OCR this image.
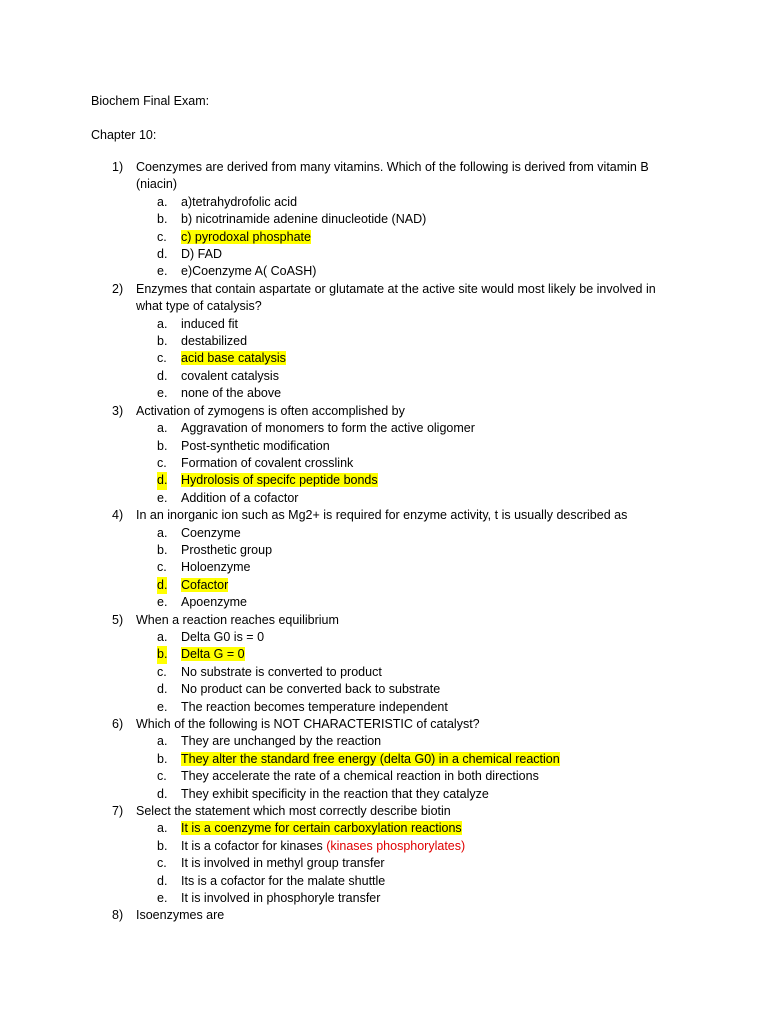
Biochem Final Exam:
Chapter 10:
1) Coenzymes are derived from many vitamins. Which of the following is derived from vitamin B (niacin)
a. a)tetrahydrofolic acid
b. b) nicotrinamide adenine dinucleotide (NAD)
c. c) pyrodoxal phosphate
d. D) FAD
e. e)Coenzyme A( CoASH)
2) Enzymes that contain aspartate or glutamate at the active site would most likely be involved in what type of catalysis?
a. induced fit
b. destabilized
c. acid base catalysis
d. covalent catalysis
e. none of the above
3) Activation of zymogens is often accomplished by
a. Aggravation of monomers to form the active oligomer
b. Post-synthetic modification
c. Formation of covalent crosslink
d. Hydrolosis of specifc peptide bonds
e. Addition of a cofactor
4) In an inorganic ion such as Mg2+ is required for enzyme activity, t is usually described as
a. Coenzyme
b. Prosthetic group
c. Holoenzyme
d. Cofactor
e. Apoenzyme
5) When a reaction reaches equilibrium
a. Delta G0 is = 0
b. Delta G = 0
c. No substrate is converted to product
d. No product can be converted back to substrate
e. The reaction becomes temperature independent
6) Which of the following is NOT CHARACTERISTIC of catalyst?
a. They are unchanged by the reaction
b. They alter the standard free energy (delta G0) in a chemical reaction
c. They accelerate the rate of a chemical reaction in both directions
d. They exhibit specificity in the reaction that they catalyze
7) Select the statement which most correctly describe biotin
a. It is a coenzyme for certain carboxylation reactions
b. It is a cofactor for kinases (kinases phosphorylates)
c. It is involved in methyl group transfer
d. Its is a cofactor for the malate shuttle
e. It is involved in phosphoryle transfer
8) Isoenzymes are
